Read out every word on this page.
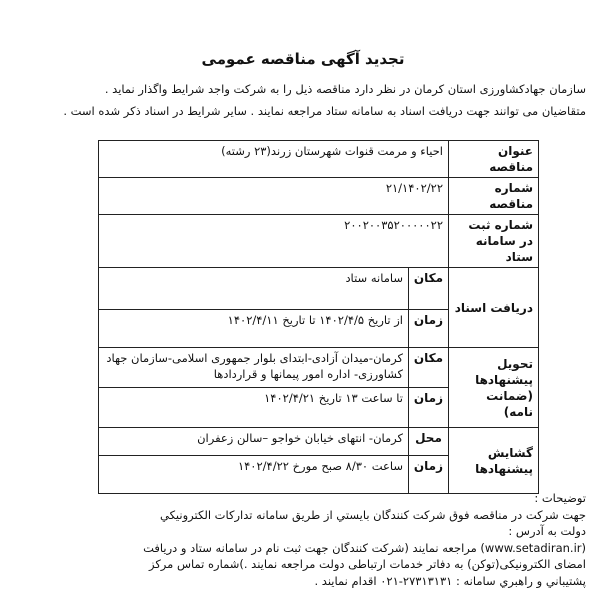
تجدید آگهی مناقصه عمومی
سازمان جهادکشاورزی استان کرمان در نظر دارد مناقصه ذیل را به شرکت واجد شرایط واگذار نماید .
متقاضیان می توانند جهت دریافت اسناد به سامانه ستاد مراجعه نمایند . سایر شرایط در اسناد ذکر شده است .
عنوان مناقصه	احیاء و مرمت قنوات شهرستان زرند(۲۳ رشته)	
شماره مناقصه	۲۱/۱۴۰۲/۲۲	
شماره ثبت در سامانه ستاد	۲۰۰۲۰۰۳۵۲۰۰۰۰۰۲۲	
دریافت اسناد	مکان	سامانه ستاد
	زمان	از تاریخ ۱۴۰۲/۴/۵ تا تاریخ ۱۴۰۲/۴/۱۱
تحویل پیشنهادها (ضمانت نامه)	مکان	کرمان-میدان آزادی-ابتدای بلوار جمهوری اسلامی-سازمان جهاد کشاورزی- اداره امور پیمانها و قراردادها
	زمان	تا ساعت ۱۳ تاریخ ۱۴۰۲/۴/۲۱
گشایش پیشنهادها	محل	کرمان- انتهای خیابان خواجو –سالن زعفران
	زمان	ساعت ۸/۳۰ صبح مورخ ۱۴۰۲/۴/۲۲
توضیحات :
جهت شرکت در مناقصه فوق شرکت کنندگان بایستي از طریق سامانه تدارکات الکترونیکي
دولت به آدرس :
(www.setadiran.ir) مراجعه نمایند (شرکت کنندگان جهت ثبت نام در سامانه ستاد و دریافت
امضای الکترونیکی(توکن) به دفاتر خدمات ارتباطی دولت مراجعه نمایند .)شماره تماس مرکز
پشتیباني و راهبري سامانه : ۲۷۳۱۳۱۳۱-۰۲۱ اقدام نمایند .
